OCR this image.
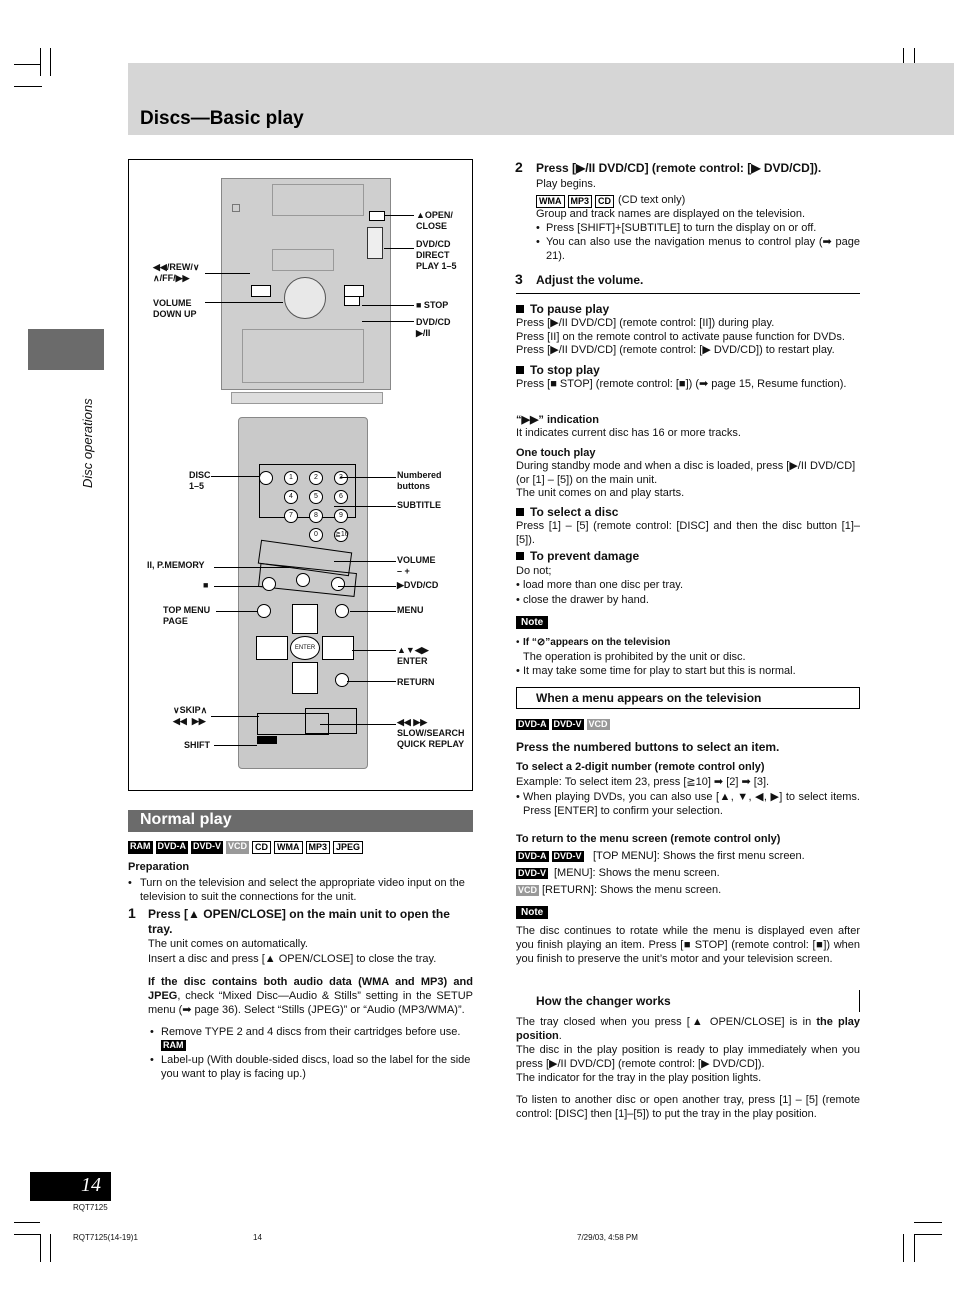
Discs—Basic play
Disc operations
▲OPEN/
CLOSE
DVD/CD
DIRECT
PLAY 1–5
◀◀/REW/∨
∧/FF/▶▶
VOLUME
DOWN UP
■ STOP
DVD/CD
▶/II
1	2
4	5	6
7	8	9
0	≧10
ENTER
DISC
1–5
Numbered
buttons
SUBTITLE
II, P.MEMORY	VOLUME
– +
■	▶DVD/CD
TOP MENU
PAGE
MENU
▲▼◀▶
ENTER
RETURN
∨SKIP∧
◀◀  ▶▶	◀◀ ▶▶
SLOW/SEARCH
QUICK REPLAY
SHIFT
Normal play
RAM DVD-A DVD-V VCD CD	WMA	MP3	JPEG
Preparation
• Turn on the television and select the appropriate video input on the television to suit the connections for the unit.
1 Press [▲ OPEN/CLOSE] on the main unit to open the tray.
The unit comes on automatically.
Insert a disc and press [▲ OPEN/CLOSE] to close the tray.
If the disc contains both audio data (WMA and MP3) and JPEG, check “Mixed Disc—Audio & Stills” setting in the SETUP menu (➡ page 36). Select “Stills (JPEG)” or “Audio (MP3/WMA)”.
• Remove TYPE 2 and 4 discs from their cartridges before use.
RAM
• Label-up (With double-sided discs, load so the label for the side you want to play is facing up.)
2 Press [▶/II DVD/CD] (remote control: [▶ DVD/CD]).
Play begins.
WMA	MP3	CD (CD text only)
Group and track names are displayed on the television.
• Press [SHIFT]+[SUBTITLE] to turn the display on or off.
• You can also use the navigation menus to control play (➡ page 21).
3 Adjust the volume.
To pause play
Press [▶/II DVD/CD] (remote control: [II]) during play.
Press [II] on the remote control to activate pause function for DVDs.
Press [▶/II DVD/CD] (remote control: [▶ DVD/CD]) to restart play.
To stop play
Press [■ STOP] (remote control: [■]) (➡ page 15, Resume function).
“▶▶” indication
It indicates current disc has 16 or more tracks.
One touch play
During standby mode and when a disc is loaded, press [▶/II DVD/CD] (or [1] – [5]) on the main unit.
The unit comes on and play starts.
To select a disc
Press [1] – [5] (remote control: [DISC] and then the disc button [1]–[5]).
To prevent damage
Do not;
• load more than one disc per tray.
• close the drawer by hand.
Note
• If “⊘”appears on the television
The operation is prohibited by the unit or disc.
• It may take some time for play to start but this is normal.
When a menu appears on the television
DVD-A DVD-V VCD
Press the numbered buttons to select an item.
To select a 2-digit number (remote control only)
Example: To select item 23, press [≧10] ➡ [2] ➡ [3].
• When playing DVDs, you can also use [▲, ▼, ◀, ▶] to select items. Press [ENTER] to confirm your selection.
To return to the menu screen (remote control only)
DVD-A DVD-V [TOP MENU]: Shows the first menu screen.
DVD-V [MENU]: Shows the menu screen.
VCD [RETURN]: Shows the menu screen.
Note
The disc continues to rotate while the menu is displayed even after you finish playing an item. Press [■ STOP] (remote control: [■]) when you finish to preserve the unit’s motor and your television screen.
How the changer works
The tray closed when you press [▲ OPEN/CLOSE] is in the play position.
The disc in the play position is ready to play immediately when you press [▶/II DVD/CD] (remote control: [▶ DVD/CD]).
The indicator for the tray in the play position lights.
To listen to another disc or open another tray, press [1] – [5] (remote control: [DISC] then [1]–[5]) to put the tray in the play position.
14
RQT7125
RQT7125(14-19)1	14	7/29/03, 4:58 PM
